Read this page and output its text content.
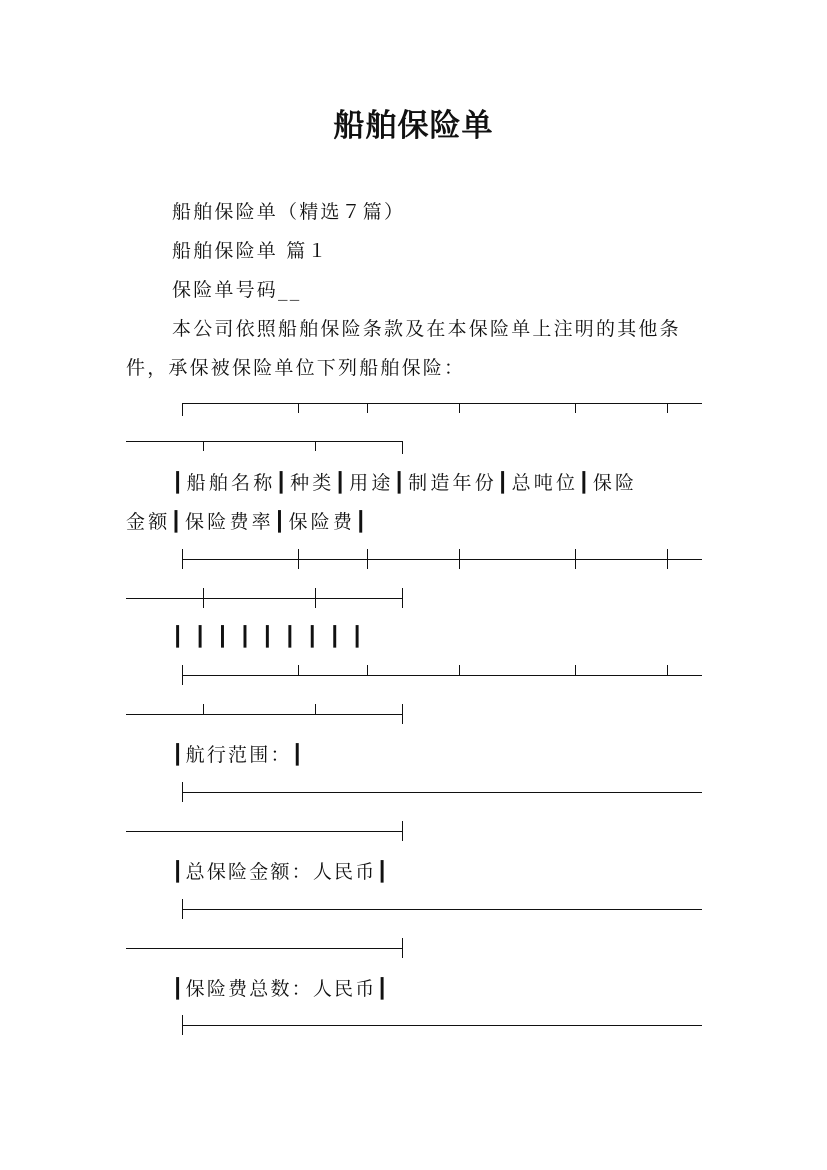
船舶保险单
船舶保险单（精选７篇）
船舶保险单 篇１
保险单号码__
本公司依照船舶保险条款及在本保险单上注明的其他条件，承保被保险单位下列船舶保险：
┃船舶名称┃种类┃用途┃制造年份┃总吨位┃保险
金额┃保险费率┃保险费┃
┃┃┃┃┃┃┃┃┃
┃航行范围：┃
┃总保险金额：人民币┃
┃保险费总数：人民币┃
